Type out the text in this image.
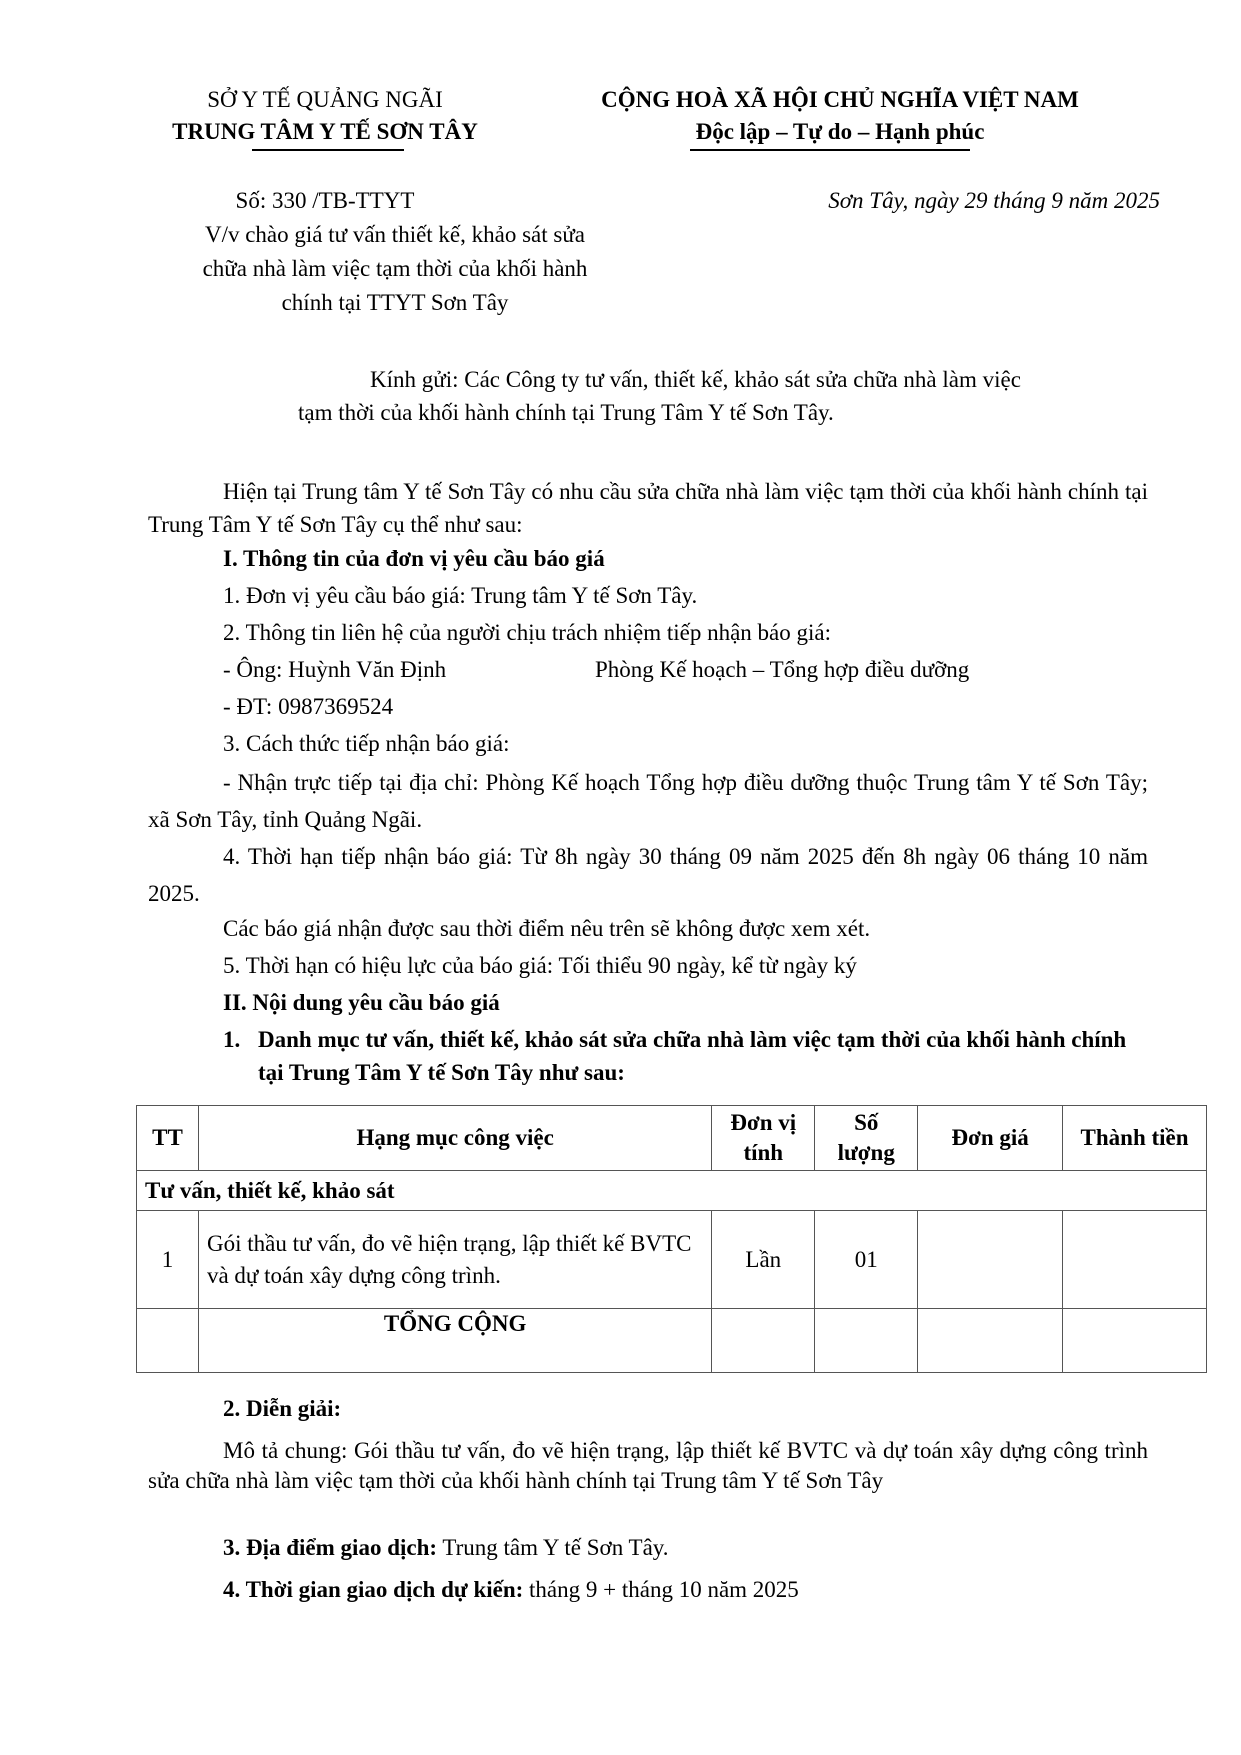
SỞ Y TẾ QUẢNG NGÃI
TRUNG TÂM Y TẾ SƠN TÂY
CỘNG HOÀ XÃ HỘI CHỦ NGHĨA VIỆT NAM
Độc lập – Tự do – Hạnh phúc
Số: 330 /TB-TTYT	Sơn Tây, ngày 29 tháng 9 năm 2025
V/v chào giá tư vấn thiết kế, khảo sát sửa
chữa nhà làm việc tạm thời của khối hành
chính tại TTYT Sơn Tây
Kính gửi: Các Công ty tư vấn, thiết kế, khảo sát sửa chữa nhà làm việc
tạm thời của khối hành chính tại Trung Tâm Y tế Sơn Tây.
Hiện tại Trung tâm Y tế Sơn Tây có nhu cầu sửa chữa nhà làm việc tạm thời của khối hành chính tại Trung Tâm Y tế Sơn Tây cụ thể như sau:
I. Thông tin của đơn vị yêu cầu báo giá
1. Đơn vị yêu cầu báo giá: Trung tâm Y tế Sơn Tây.
2. Thông tin liên hệ của người chịu trách nhiệm tiếp nhận báo giá:
- Ông: Huỳnh Văn Định	Phòng Kế hoạch – Tổng hợp điều dưỡng
- ĐT: 0987369524
3. Cách thức tiếp nhận báo giá:
- Nhận trực tiếp tại địa chỉ: Phòng Kế hoạch Tổng hợp điều dưỡng thuộc Trung tâm Y tế Sơn Tây; xã Sơn Tây, tỉnh Quảng Ngãi.
4. Thời hạn tiếp nhận báo giá: Từ 8h ngày 30 tháng 09 năm 2025 đến 8h ngày 06 tháng 10 năm 2025.
Các báo giá nhận được sau thời điểm nêu trên sẽ không được xem xét.
5. Thời hạn có hiệu lực của báo giá: Tối thiểu 90 ngày, kể từ ngày ký
II. Nội dung yêu cầu báo giá
1. Danh mục tư vấn, thiết kế, khảo sát sửa chữa nhà làm việc tạm thời của khối hành chính tại Trung Tâm Y tế Sơn Tây như sau:
TT	Hạng mục công việc	Đơn vị tính	Số lượng	Đơn giá	Thành tiền
Tư vấn, thiết kế, khảo sát					
1	Gói thầu tư vấn, đo vẽ hiện trạng, lập thiết kế BVTC và dự toán xây dựng công trình.	Lần	01		
	TỔNG CỘNG				
2. Diễn giải:
Mô tả chung: Gói thầu tư vấn, đo vẽ hiện trạng, lập thiết kế BVTC và dự toán xây dựng công trình sửa chữa nhà làm việc tạm thời của khối hành chính tại Trung tâm Y tế Sơn Tây
3. Địa điểm giao dịch: Trung tâm Y tế Sơn Tây.
4. Thời gian giao dịch dự kiến: tháng 9 + tháng 10 năm 2025
